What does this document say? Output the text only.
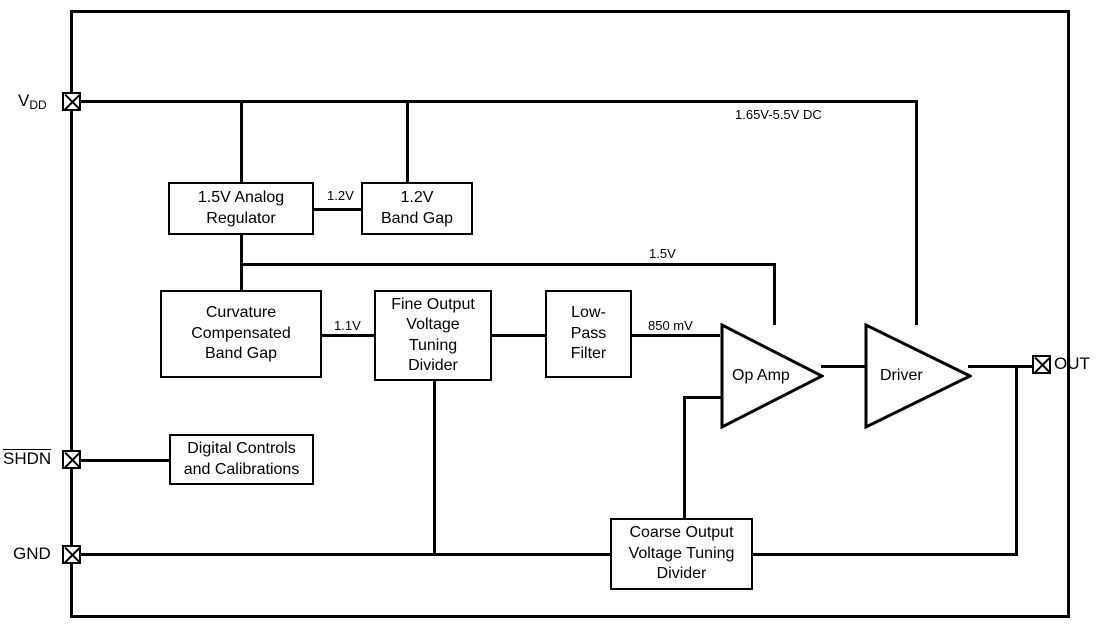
$V_{DD}$
SHDN
GND
OUT
1.5V Analog
Regulator
1.2V
Band Gap
Curvature
Compensated
Band Gap
Fine Output
Voltage
Tuning
Divider
Low-
Pass
Filter
Digital Controls
and Calibrations
Coarse Output
Voltage Tuning
Divider
Op Amp	Driver
1.65V-5.5V DC
1.2V
1.5V
1.1V	850 mV
